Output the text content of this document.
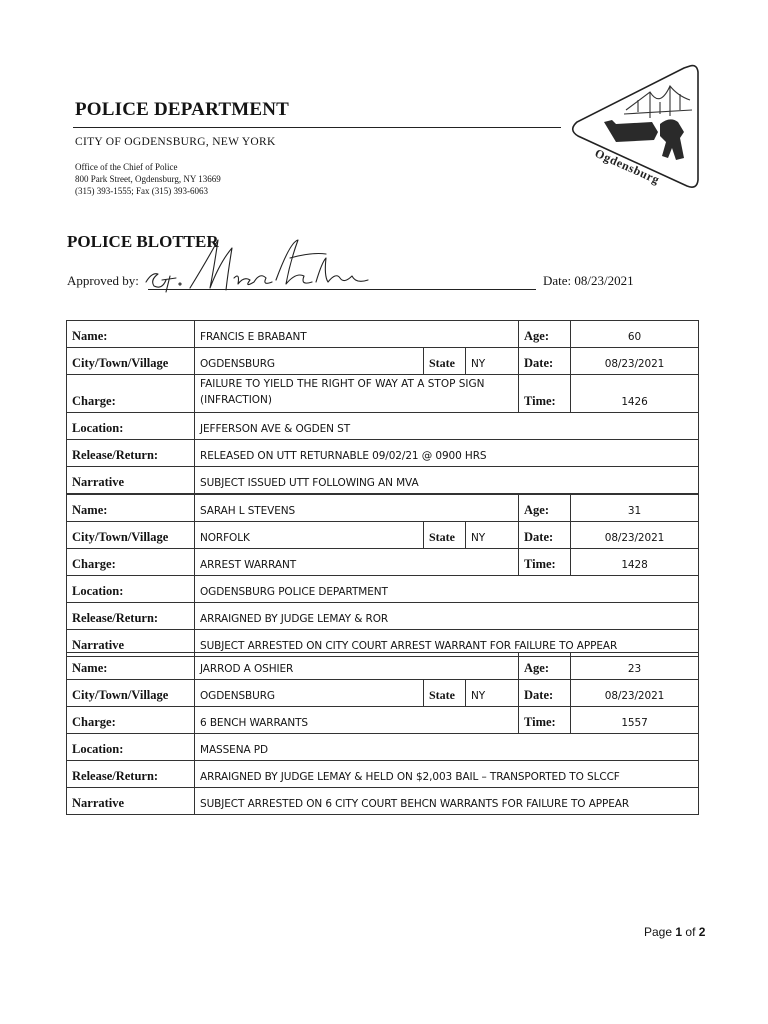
POLICE DEPARTMENT
CITY OF OGDENSBURG, NEW YORK
Office of the Chief of Police
800 Park Street, Ogdensburg, NY 13669
(315) 393-1555; Fax (315) 393-6063
Ogdensburg
POLICE BLOTTER
Approved by:	Date: 08/23/2021
Name:	FRANCIS E BRABANT			Age:	60
City/Town/Village	OGDENSBURG	State	NY	Date:	08/23/2021
Charge:	FAILURE TO YIELD THE RIGHT OF WAY AT A STOP SIGN (INFRACTION)			Time:	1426
Location:	JEFFERSON AVE & OGDEN ST				
Release/Return:	RELEASED ON UTT RETURNABLE 09/02/21 @ 0900 HRS				
Narrative	SUBJECT ISSUED UTT FOLLOWING AN MVA				
Name:	SARAH L STEVENS			Age:	31
City/Town/Village	NORFOLK	State	NY	Date:	08/23/2021
Charge:	ARREST WARRANT			Time:	1428
Location:	OGDENSBURG POLICE DEPARTMENT				
Release/Return:	ARRAIGNED BY JUDGE LEMAY & ROR				
Narrative	SUBJECT ARRESTED ON CITY COURT ARREST WARRANT FOR FAILURE TO APPEAR				
Name:	JARROD A OSHIER			Age:	23
City/Town/Village	OGDENSBURG	State	NY	Date:	08/23/2021
Charge:	6 BENCH WARRANTS			Time:	1557
Location:	MASSENA PD				
Release/Return:	ARRAIGNED BY JUDGE LEMAY & HELD ON $2,003 BAIL – TRANSPORTED TO SLCCF				
Narrative	SUBJECT ARRESTED ON 6 CITY COURT BEHCN WARRANTS FOR FAILURE TO APPEAR				
Page 1 of 2
